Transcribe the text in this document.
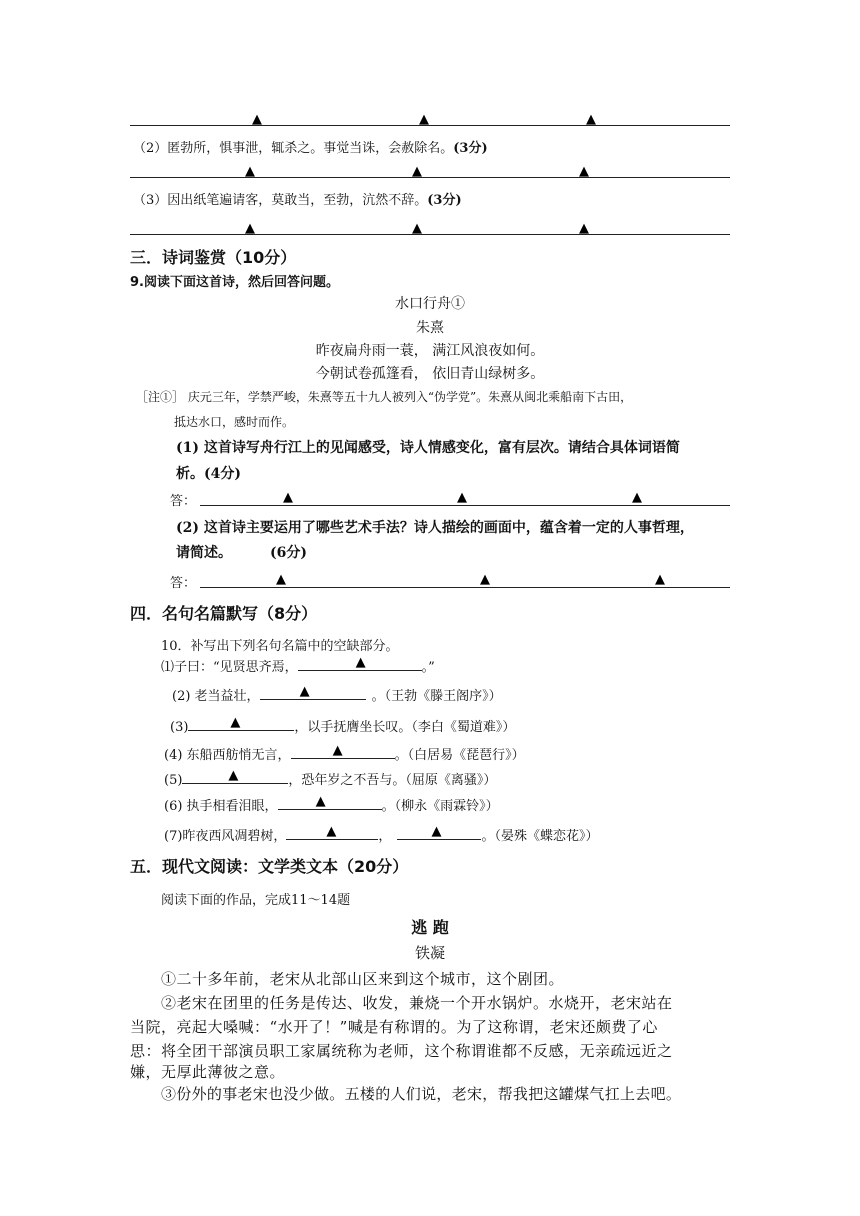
▲	▲	▲
（2）匿勃所，惧事泄，辄杀之。事觉当诛，会赦除名。(3分)
▲	▲	▲
（3）因出纸笔遍请客，莫敢当，至勃，沆然不辞。(3分)
▲	▲	▲
三．诗词鉴赏（10分）
9.阅读下面这首诗，然后回答问题。
水口行舟①
朱熹
昨夜扁舟雨一蓑， 满江风浪夜如何。
今朝试卷孤篷看， 依旧青山绿树多。
［注①］ 庆元三年，学禁严峻，朱熹等五十九人被列入“伪学党”。朱熹从闽北乘船南下古田，
抵达水口，感时而作。
(1) 这首诗写舟行江上的见闻感受，诗人情感变化，富有层次。请结合具体词语简
析。(4分)
答：	▲	▲	▲
(2) 这首诗主要运用了哪些艺术手法？诗人描绘的画面中，蕴含着一定的人事哲理，
请简述。	(6分)
答：	▲	▲	▲
四．名句名篇默写（8分）
10．补写出下列名句名篇中的空缺部分。
⑴子曰：“见贤思齐焉，	▲	。”
(2) 老当益壮，	▲	。（王勃《滕王阁序》）
(3)	▲	，以手抚膺坐长叹。（李白《蜀道难》）
(4) 东船西舫悄无言，	▲	。（白居易《琵琶行》）
(5)	▲	，恐年岁之不吾与。（屈原《离骚》）
(6) 执手相看泪眼，	▲	。（柳永《雨霖铃》）
(7)昨夜西风凋碧树，	▲	，	▲	。（晏殊《蝶恋花》）
五．现代文阅读：文学类文本（20分）
阅读下面的作品，完成11～14题
逃 跑
铁凝
①二十多年前，老宋从北部山区来到这个城市，这个剧团。
②老宋在团里的任务是传达、收发，兼烧一个开水锅炉。水烧开，老宋站在
当院，亮起大嗓喊：“水开了！”喊是有称谓的。为了这称谓，老宋还颇费了心
思：将全团干部演员职工家属统称为老师，这个称谓谁都不反感，无亲疏远近之
嫌，无厚此薄彼之意。
③份外的事老宋也没少做。五楼的人们说，老宋，帮我把这罐煤气扛上去吧。
